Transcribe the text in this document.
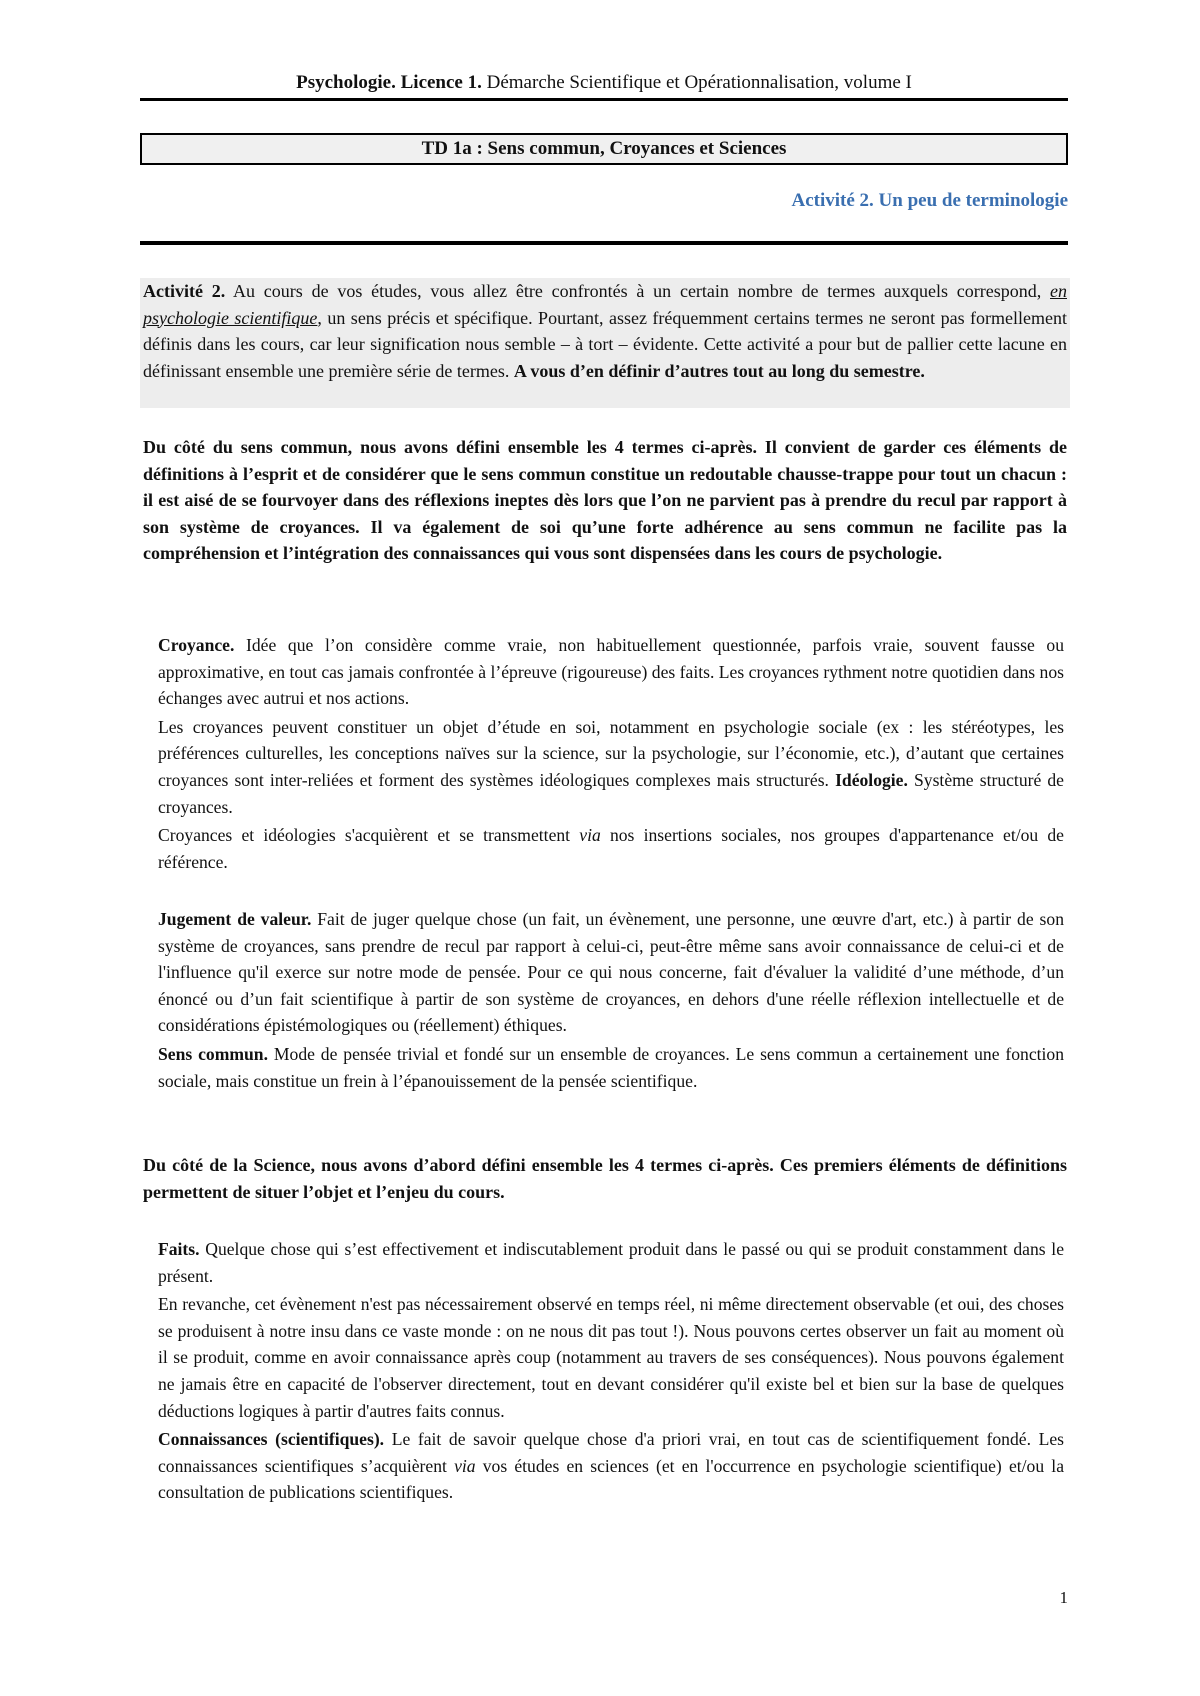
Psychologie. Licence 1. Démarche Scientifique et Opérationnalisation, volume I
TD 1a : Sens commun, Croyances et Sciences
Activité 2. Un peu de terminologie
Activité 2. Au cours de vos études, vous allez être confrontés à un certain nombre de termes auxquels correspond, en psychologie scientifique, un sens précis et spécifique. Pourtant, assez fréquemment certains termes ne seront pas formellement définis dans les cours, car leur signification nous semble – à tort – évidente. Cette activité a pour but de pallier cette lacune en définissant ensemble une première série de termes. A vous d’en définir d’autres tout au long du semestre.
Du côté du sens commun, nous avons défini ensemble les 4 termes ci-après. Il convient de garder ces éléments de définitions à l’esprit et de considérer que le sens commun constitue un redoutable chausse-trappe pour tout un chacun : il est aisé de se fourvoyer dans des réflexions ineptes dès lors que l’on ne parvient pas à prendre du recul par rapport à son système de croyances. Il va également de soi qu’une forte adhérence au sens commun ne facilite pas la compréhension et l’intégration des connaissances qui vous sont dispensées dans les cours de psychologie.

Croyance. Idée que l’on considère comme vraie, non habituellement questionnée, parfois vraie, souvent fausse ou approximative, en tout cas jamais confrontée à l’épreuve (rigoureuse) des faits. Les croyances rythment notre quotidien dans nos échanges avec autrui et nos actions.

Les croyances peuvent constituer un objet d’étude en soi, notamment en psychologie sociale (ex : les stéréotypes, les préférences culturelles, les conceptions naïves sur la science, sur la psychologie, sur l’économie, etc.), d’autant que certaines croyances sont inter-reliées et forment des systèmes idéologiques complexes mais structurés. Idéologie. Système structuré de croyances.

Croyances et idéologies s'acquièrent et se transmettent via nos insertions sociales, nos groupes d'appartenance et/ou de référence.

Jugement de valeur. Fait de juger quelque chose (un fait, un évènement, une personne, une œuvre d'art, etc.) à partir de son système de croyances, sans prendre de recul par rapport à celui-ci, peut-être même sans avoir connaissance de celui-ci et de l'influence qu'il exerce sur notre mode de pensée. Pour ce qui nous concerne, fait d'évaluer la validité d’une méthode, d’un énoncé ou d’un fait scientifique à partir de son système de croyances, en dehors d'une réelle réflexion intellectuelle et de considérations épistémologiques ou (réellement) éthiques.

Sens commun. Mode de pensée trivial et fondé sur un ensemble de croyances. Le sens commun a certainement une fonction sociale, mais constitue un frein à l’épanouissement de la pensée scientifique.

Du côté de la Science, nous avons d’abord défini ensemble les 4 termes ci-après. Ces premiers éléments de définitions permettent de situer l’objet et l’enjeu du cours.

Faits. Quelque chose qui s’est effectivement et indiscutablement produit dans le passé ou qui se produit constamment dans le présent.

En revanche, cet évènement n'est pas nécessairement observé en temps réel, ni même directement observable (et oui, des choses se produisent à notre insu dans ce vaste monde : on ne nous dit pas tout !). Nous pouvons certes observer un fait au moment où il se produit, comme en avoir connaissance après coup (notamment au travers de ses conséquences). Nous pouvons également ne jamais être en capacité de l'observer directement, tout en devant considérer qu'il existe bel et bien sur la base de quelques déductions logiques à partir d'autres faits connus.

Connaissances (scientifiques). Le fait de savoir quelque chose d'a priori vrai, en tout cas de scientifiquement fondé. Les connaissances scientifiques s’acquièrent via vos études en sciences (et en l'occurrence en psychologie scientifique) et/ou la consultation de publications scientifiques.

1
